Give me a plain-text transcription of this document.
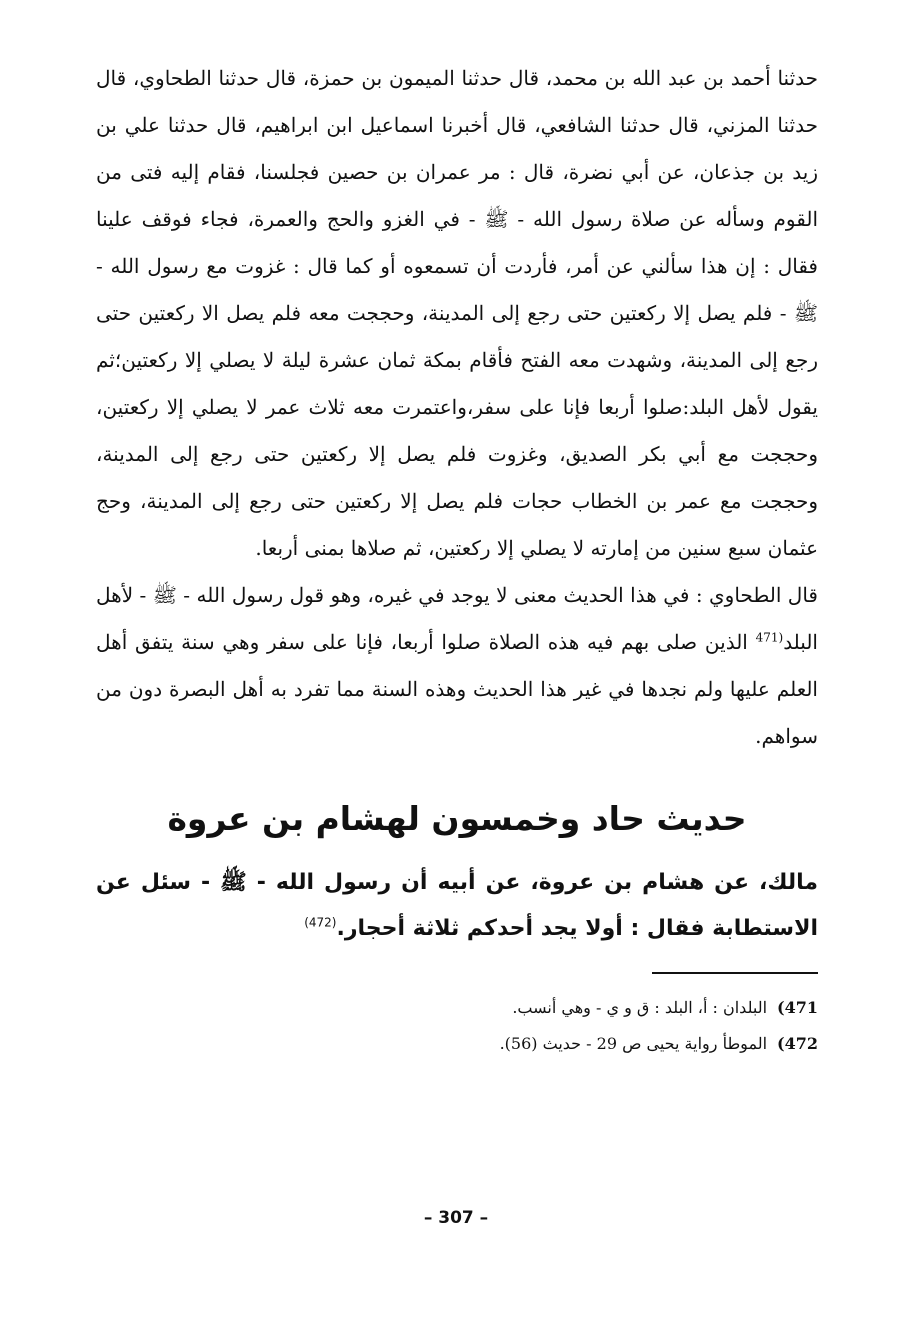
حدثنا أحمد بن عبد الله بن محمد، قال حدثنا الميمون بن حمزة، قال حدثنا الطحاوي، قال حدثنا المزني، قال حدثنا الشافعي، قال أخبرنا اسماعيل ابن ابراهيم، قال حدثنا علي بن زيد بن جذعان، عن أبي نضرة، قال : مر عمران بن حصين فجلسنا، فقام إليه فتى من القوم وسأله عن صلاة رسول الله - ﷺ - في الغزو والحج والعمرة، فجاء فوقف علينا فقال : إن هذا سألني عن أمر، فأردت أن تسمعوه أو كما قال : غزوت مع رسول الله - ﷺ - فلم يصل إلا ركعتين حتى رجع إلى المدينة، وحججت معه فلم يصل الا ركعتين حتى رجع إلى المدينة، وشهدت معه الفتح فأقام بمكة ثمان عشرة ليلة لا يصلي إلا ركعتين؛ثم يقول لأهل البلد:صلوا أربعا فإنا على سفر،واعتمرت معه ثلاث عمر لا يصلي إلا ركعتين، وحججت مع أبي بكر الصديق، وغزوت فلم يصل إلا ركعتين حتى رجع إلى المدينة، وحججت مع عمر بن الخطاب حجات فلم يصل إلا ركعتين حتى رجع إلى المدينة، وحج عثمان سبع سنين من إمارته لا يصلي إلا ركعتين، ثم صلاها بمنى أربعا.

قال الطحاوي : في هذا الحديث معنى لا يوجد في غيره، وهو قول رسول الله - ﷺ - لأهل البلد$^{(471}$ الذين صلى بهم فيه هذه الصلاة صلوا أربعا، فإنا على سفر وهي سنة يتفق أهل العلم عليها ولم نجدها في غير هذا الحديث وهذه السنة مما تفرد به أهل البصرة دون من سواهم.

حديث حاد وخمسون لهشام بن عروة

مالك، عن هشام بن عروة، عن أبيه أن رسول الله - ﷺ - سئل عن الاستطابة فقال : أولا يجد أحدكم ثلاثة أحجار.$^{(472)}$

471)البلدان : أ، البلد : ق و ي - وهي أنسب.

472)الموطأ رواية يحيى ص 29 - حديث (56).

– 307 –
